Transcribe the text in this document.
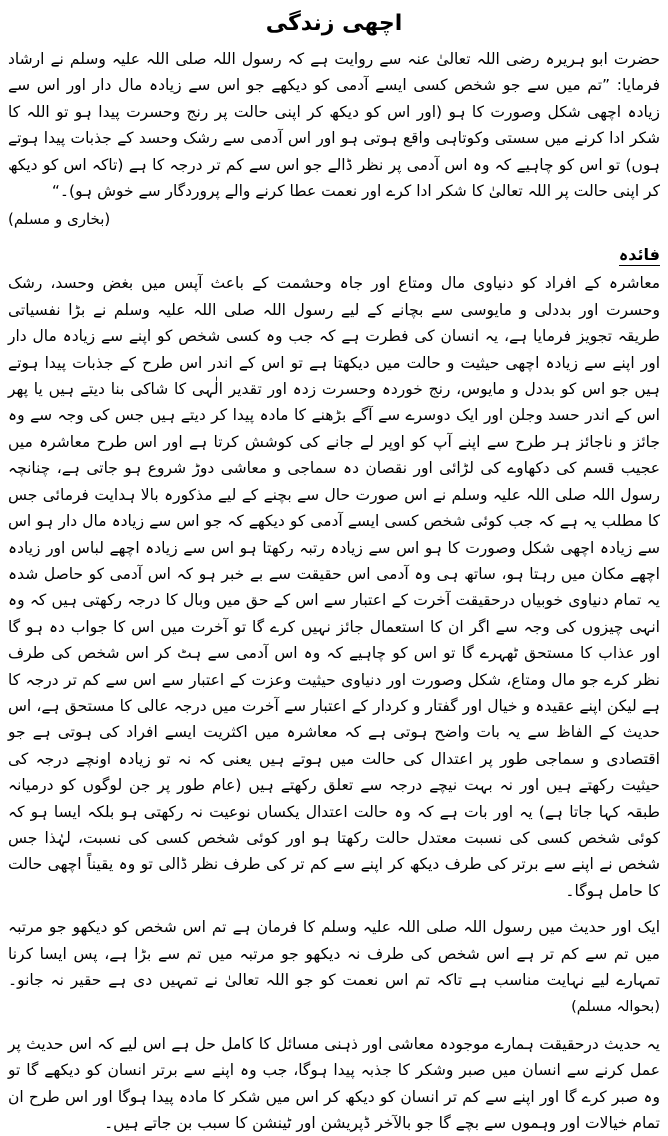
اچھی زندگی

حضرت ابو ہریرہ رضی اللہ تعالیٰ عنہ سے روایت ہے کہ رسول اللہ صلی اللہ علیہ وسلم نے ارشاد فرمایا: ”تم میں سے جو شخص کسی ایسے آدمی کو دیکھے جو اس سے زیادہ مال دار اور اس سے زیادہ اچھی شکل وصورت کا ہو (اور اس کو دیکھ کر اپنی حالت پر رنج وحسرت پیدا ہو تو اللہ کا شکر ادا کرنے میں سستی وکوتاہی واقع ہوتی ہو اور اس آدمی سے رشک وحسد کے جذبات پیدا ہوتے ہوں) تو اس کو چاہیے کہ وہ اس آدمی پر نظر ڈالے جو اس سے کم تر درجہ کا ہے (تاکہ اس کو دیکھ کر اپنی حالت پر اللہ تعالیٰ کا شکر ادا کرے اور نعمت عطا کرنے والے پروردگار سے خوش ہو)۔“

(بخاری و مسلم)
فائدہ

معاشرہ کے افراد کو دنیاوی مال ومتاع اور جاہ وحشمت کے باعث آپس میں بغض وحسد، رشک وحسرت اور بددلی و مایوسی سے بچانے کے لیے رسول اللہ صلی اللہ علیہ وسلم نے بڑا نفسیاتی طریقہ تجویز فرمایا ہے، یہ انسان کی فطرت ہے کہ جب وہ کسی شخص کو اپنے سے زیادہ مال دار اور اپنے سے زیادہ اچھی حیثیت و حالت میں دیکھتا ہے تو اس کے اندر اس طرح کے جذبات پیدا ہوتے ہیں جو اس کو بددل و مایوس، رنج خوردہ وحسرت زدہ اور تقدیر الٰہی کا شاکی بنا دیتے ہیں یا پھر اس کے اندر حسد وجلن اور ایک دوسرے سے آگے بڑھنے کا مادہ پیدا کر دیتے ہیں جس کی وجہ سے وہ جائز و ناجائز ہر طرح سے اپنے آپ کو اوپر لے جانے کی کوشش کرتا ہے اور اس طرح معاشرہ میں عجیب قسم کی دکھاوے کی لڑائی اور نقصان دہ سماجی و معاشی دوڑ شروع ہو جاتی ہے، چنانچہ رسول اللہ صلی اللہ علیہ وسلم نے اس صورت حال سے بچنے کے لیے مذکورہ بالا ہدایت فرمائی جس کا مطلب یہ ہے کہ جب کوئی شخص کسی ایسے آدمی کو دیکھے کہ جو اس سے زیادہ مال دار ہو اس سے زیادہ اچھی شکل وصورت کا ہو اس سے زیادہ رتبہ رکھتا ہو اس سے زیادہ اچھے لباس اور زیادہ اچھے مکان میں رہتا ہو، ساتھ ہی وہ آدمی اس حقیقت سے بے خبر ہو کہ اس آدمی کو حاصل شدہ یہ تمام دنیاوی خوبیاں درحقیقت آخرت کے اعتبار سے اس کے حق میں وبال کا درجہ رکھتی ہیں کہ وہ انہی چیزوں کی وجہ سے اگر ان کا استعمال جائز نہیں کرے گا تو آخرت میں اس کا جواب دہ ہو گا اور عذاب کا مستحق ٹھہرے گا تو اس کو چاہیے کہ وہ اس آدمی سے ہٹ کر اس شخص کی طرف نظر کرے جو مال ومتاع، شکل وصورت اور دنیاوی حیثیت وعزت کے اعتبار سے اس سے کم تر درجہ کا ہے لیکن اپنے عقیدہ و خیال اور گفتار و کردار کے اعتبار سے آخرت میں درجہ عالی کا مستحق ہے، اس حدیث کے الفاظ سے یہ بات واضح ہوتی ہے کہ معاشرہ میں اکثریت ایسے افراد کی ہوتی ہے جو اقتصادی و سماجی طور پر اعتدال کی حالت میں ہوتے ہیں یعنی کہ نہ تو زیادہ اونچے درجہ کی حیثیت رکھتے ہیں اور نہ بہت نیچے درجہ سے تعلق رکھتے ہیں (عام طور پر جن لوگوں کو درمیانہ طبقہ کہا جاتا ہے) یہ اور بات ہے کہ وہ حالت اعتدال یکساں نوعیت نہ رکھتی ہو بلکہ ایسا ہو کہ کوئی شخص کسی کی نسبت معتدل حالت رکھتا ہو اور کوئی شخص کسی کی نسبت، لہٰذا جس شخص نے اپنے سے برتر کی طرف دیکھ کر اپنے سے کم تر کی طرف نظر ڈالی تو وہ یقیناً اچھی حالت کا حامل ہوگا۔

ایک اور حدیث میں رسول اللہ صلی اللہ علیہ وسلم کا فرمان ہے تم اس شخص کو دیکھو جو مرتبہ میں تم سے کم تر ہے اس شخص کی طرف نہ دیکھو جو مرتبہ میں تم سے بڑا ہے، پس ایسا کرنا تمہارے لیے نہایت مناسب ہے تاکہ تم اس نعمت کو جو اللہ تعالیٰ نے تمہیں دی ہے حقیر نہ جانو۔ (بحوالہ مسلم)

یہ حدیث درحقیقت ہمارے موجودہ معاشی اور ذہنی مسائل کا کامل حل ہے اس لیے کہ اس حدیث پر عمل کرنے سے انسان میں صبر وشکر کا جذبہ پیدا ہوگا، جب وہ اپنے سے برتر انسان کو دیکھے گا تو وہ صبر کرے گا اور اپنے سے کم تر انسان کو دیکھ کر اس میں شکر کا مادہ پیدا ہوگا اور اس طرح ان تمام خیالات اور وہموں سے بچے گا جو بالآخر ڈپریشن اور ٹینشن کا سبب بن جاتے ہیں۔
